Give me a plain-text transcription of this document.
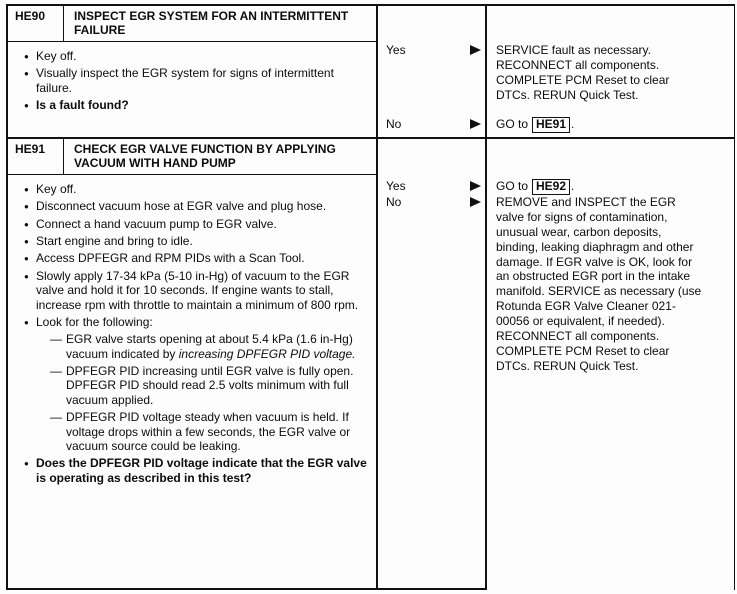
HE90	INSPECT EGR SYSTEM FOR AN INTERMITTENT FAILURE
● Key off.
● Visually inspect the EGR system for signs of intermittent failure.
● Is a fault found?
Yes
No
SERVICE fault as necessary. RECONNECT all components. COMPLETE PCM Reset to clear DTCs. RERUN Quick Test.
GO to HE91 .
HE91	CHECK EGR VALVE FUNCTION BY APPLYING VACUUM WITH HAND PUMP
● Key off.
● Disconnect vacuum hose at EGR valve and plug hose.
● Connect a hand vacuum pump to EGR valve.
● Start engine and bring to idle.
● Access DPFEGR and RPM PIDs with a Scan Tool.
● Slowly apply 17-34 kPa (5-10 in-Hg) of vacuum to the EGR valve and hold it for 10 seconds. If engine wants to stall, increase rpm with throttle to maintain a minimum of 800 rpm.
● Look for the following:
— EGR valve starts opening at about 5.4 kPa (1.6 in-Hg) vacuum indicated by increasing DPFEGR PID voltage.
— DPFEGR PID increasing until EGR valve is fully open. DPFEGR PID should read 2.5 volts minimum with full vacuum applied.
— DPFEGR PID voltage steady when vacuum is held. If voltage drops within a few seconds, the EGR valve or vacuum source could be leaking.
● Does the DPFEGR PID voltage indicate that the EGR valve is operating as described in this test?
Yes
No
GO to HE92 .
REMOVE and INSPECT the EGR valve for signs of contamination, unusual wear, carbon deposits, binding, leaking diaphragm and other damage. If EGR valve is OK, look for an obstructed EGR port in the intake manifold. SERVICE as necessary (use Rotunda EGR Valve Cleaner 021-00056 or equivalent, if needed). RECONNECT all components. COMPLETE PCM Reset to clear DTCs. RERUN Quick Test.
